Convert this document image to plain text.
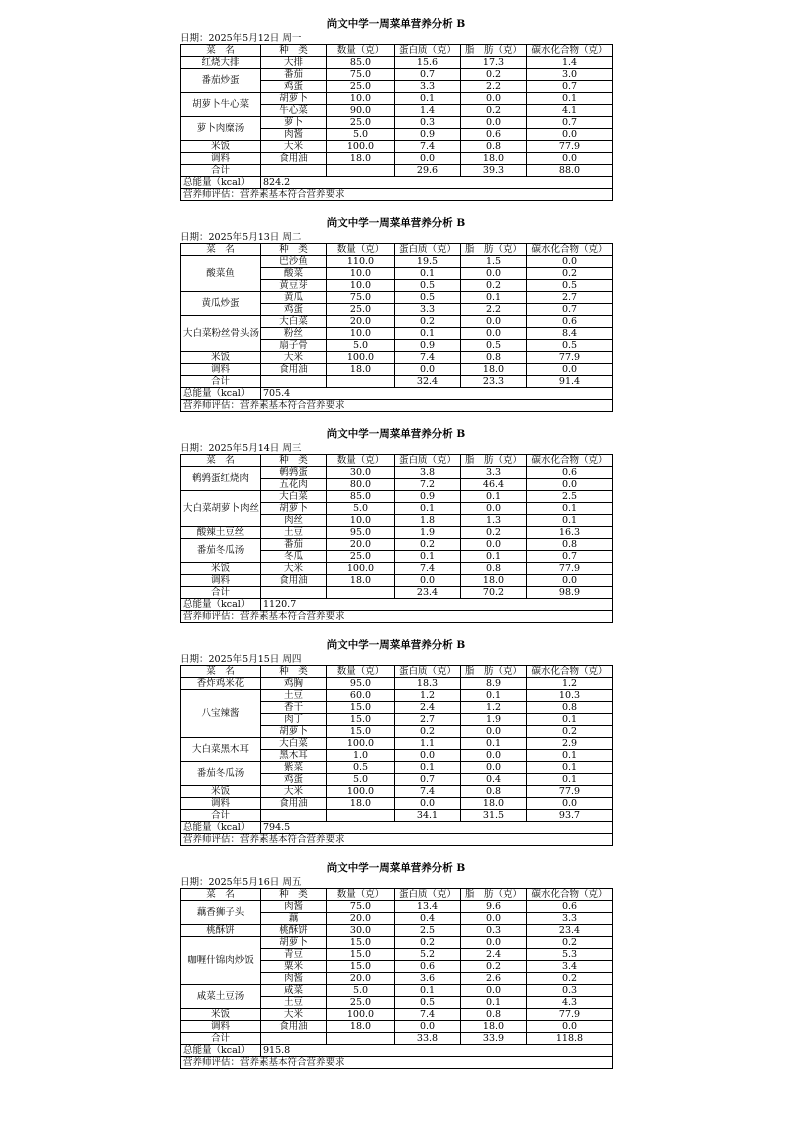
尚文中学一周菜单营养分析 B
日期：2025年5月12日 周一
菜　名	种　类	数量（克）	蛋白质（克）	脂　肪（克）	碳水化合物（克）
红烧大排	大排	85.0	15.6	17.3	1.4
番茄炒蛋	番茄	75.0	0.7	0.2	3.0
	鸡蛋	25.0	3.3	2.2	0.7
胡萝卜牛心菜	胡萝卜	10.0	0.1	0.0	0.1
	牛心菜	90.0	1.4	0.2	4.1
萝卜肉糜汤	萝卜	25.0	0.3	0.0	0.7
	肉酱	5.0	0.9	0.6	0.0
米饭	大米	100.0	7.4	0.8	77.9
调料	食用油	18.0	0.0	18.0	0.0
合计			29.6	39.3	88.0
总能量（kcal）	824.2				
营养师评估：营养素基本符合营养要求					
尚文中学一周菜单营养分析 B
日期：2025年5月13日 周二
菜　名	种　类	数量（克）	蛋白质（克）	脂　肪（克）	碳水化合物（克）
酸菜鱼	巴沙鱼	110.0	19.5	1.5	0.0
	酸菜	10.0	0.1	0.0	0.2
	黄豆芽	10.0	0.5	0.2	0.5
黄瓜炒蛋	黄瓜	75.0	0.5	0.1	2.7
	鸡蛋	25.0	3.3	2.2	0.7
大白菜粉丝骨头汤	大白菜	20.0	0.2	0.0	0.6
	粉丝	10.0	0.1	0.0	8.4
	扇子骨	5.0	0.9	0.5	0.5
米饭	大米	100.0	7.4	0.8	77.9
调料	食用油	18.0	0.0	18.0	0.0
合计			32.4	23.3	91.4
总能量（kcal）	705.4				
营养师评估：营养素基本符合营养要求					
尚文中学一周菜单营养分析 B
日期：2025年5月14日 周三
菜　名	种　类	数量（克）	蛋白质（克）	脂　肪（克）	碳水化合物（克）
鹌鹑蛋红烧肉	鹌鹑蛋	30.0	3.8	3.3	0.6
	五花肉	80.0	7.2	46.4	0.0
大白菜胡萝卜肉丝	大白菜	85.0	0.9	0.1	2.5
	胡萝卜	5.0	0.1	0.0	0.1
	肉丝	10.0	1.8	1.3	0.1
酸辣土豆丝	土豆	95.0	1.9	0.2	16.3
番茄冬瓜汤	番茄	20.0	0.2	0.0	0.8
	冬瓜	25.0	0.1	0.1	0.7
米饭	大米	100.0	7.4	0.8	77.9
调料	食用油	18.0	0.0	18.0	0.0
合计			23.4	70.2	98.9
总能量（kcal）	1120.7				
营养师评估：营养素基本符合营养要求					
尚文中学一周菜单营养分析 B
日期：2025年5月15日 周四
菜　名	种　类	数量（克）	蛋白质（克）	脂　肪（克）	碳水化合物（克）
香炸鸡米花	鸡胸	95.0	18.3	8.9	1.2
八宝辣酱	土豆	60.0	1.2	0.1	10.3
	香干	15.0	2.4	1.2	0.8
	肉丁	15.0	2.7	1.9	0.1
	胡萝卜	15.0	0.2	0.0	0.2
大白菜黑木耳	大白菜	100.0	1.1	0.1	2.9
	黑木耳	1.0	0.0	0.0	0.1
番茄冬瓜汤	紫菜	0.5	0.1	0.0	0.1
	鸡蛋	5.0	0.7	0.4	0.1
米饭	大米	100.0	7.4	0.8	77.9
调料	食用油	18.0	0.0	18.0	0.0
合计			34.1	31.5	93.7
总能量（kcal）	794.5				
营养师评估：营养素基本符合营养要求					
尚文中学一周菜单营养分析 B
日期：2025年5月16日 周五
菜　名	种　类	数量（克）	蛋白质（克）	脂　肪（克）	碳水化合物（克）
藕香狮子头	肉酱	75.0	13.4	9.6	0.6
	藕	20.0	0.4	0.0	3.3
桃酥饼	桃酥饼	30.0	2.5	0.3	23.4
咖喱什锦肉炒饭	胡萝卜	15.0	0.2	0.0	0.2
	青豆	15.0	5.2	2.4	5.3
	粟米	15.0	0.6	0.2	3.4
	肉酱	20.0	3.6	2.6	0.2
咸菜土豆汤	咸菜	5.0	0.1	0.0	0.3
	土豆	25.0	0.5	0.1	4.3
米饭	大米	100.0	7.4	0.8	77.9
调料	食用油	18.0	0.0	18.0	0.0
合计			33.8	33.9	118.8
总能量（kcal）	915.8				
营养师评估：营养素基本符合营养要求					
